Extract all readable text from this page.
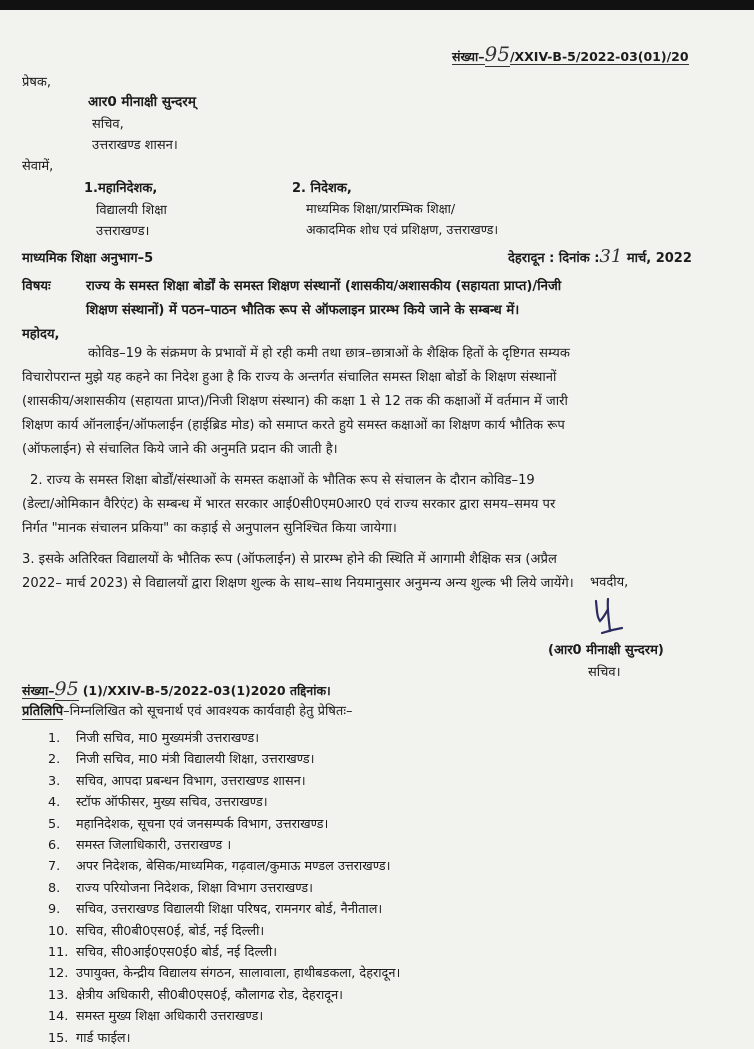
संख्या–95/XXIV-B-5/2022-03(01)/20
प्रेषक,
आर0 मीनाक्षी सुन्दरम्
सचिव,
उत्तराखण्ड शासन।
सेवामें,
1.महानिदेशक,
विद्यालयी शिक्षा
उत्तराखण्ड।
2. निदेशक,
माध्यमिक शिक्षा/प्रारम्भिक शिक्षा/
अकादमिक शोध एवं प्रशिक्षण, उत्तराखण्ड।
माध्यमिक शिक्षा अनुभाग–5	देहरादून : दिनांक :31 मार्च, 2022
विषयः	राज्य के समस्त शिक्षा बोर्डों के समस्त शिक्षण संस्थानों (शासकीय/अशासकीय (सहायता प्राप्त)/निजी
शिक्षण संस्थानों) में पठन–पाठन भौतिक रूप से ऑफलाइन प्रारम्भ किये जाने के सम्बन्ध में।
महोदय,
कोविड–19 के संक्रमण के प्रभावों में हो रही कमी तथा छात्र–छात्राओं के शैक्षिक हितों के दृष्टिगत सम्यक
विचारोपरान्त मुझे यह कहने का निदेश हुआ है कि राज्य के अन्तर्गत संचालित समस्त शिक्षा बोर्डो के शिक्षण संस्थानों
(शासकीय/अशासकीय (सहायता प्राप्त)/निजी शिक्षण संस्थान) की कक्षा 1 से 12 तक की कक्षाओं में वर्तमान में जारी
शिक्षण कार्य ऑनलाईन/ऑफलाईन (हाईब्रिड मोड) को समाप्त करते हुये समस्त कक्षाओं का शिक्षण कार्य भौतिक रूप
(ऑफलाईन) से संचालित किये जाने की अनुमति प्रदान की जाती है।
2. राज्य के समस्त शिक्षा बोर्डों/संस्थाओं के समस्त कक्षाओं के भौतिक रूप से संचालन के दौरान कोविड–19
(डेल्टा/ओमिकान वैरिएंट) के सम्बन्ध में भारत सरकार आई0सी0एम0आर0 एवं राज्य सरकार द्वारा समय–समय पर
निर्गत "मानक संचालन प्रकिया" का कड़ाई से अनुपालन सुनिश्चित किया जायेगा।
3. इसके अतिरिक्त विद्यालयों के भौतिक रूप (ऑफलाईन) से प्रारम्भ होने की स्थिति में आगामी शैक्षिक सत्र (अप्रैल
2022– मार्च 2023) से विद्यालयों द्वारा शिक्षण शुल्क के साथ–साथ नियमानुसार अनुमन्य अन्य शुल्क भी लिये जायेंगे। भवदीय,
(आर0 मीनाक्षी सुन्दरम)
सचिव।
संख्या–95 (1)/XXIV-B-5/2022-03(1)2020 तद्दिनांक।
प्रतिलिपि–निम्नलिखित को सूचनार्थ एवं आवश्यक कार्यवाही हेतु प्रेषितः–
1. निजी सचिव, मा0 मुख्यमंत्री उत्तराखण्ड।
2. निजी सचिव, मा0 मंत्री विद्यालयी शिक्षा, उत्तराखण्ड।
3. सचिव, आपदा प्रबन्धन विभाग, उत्तराखण्ड शासन।
4. स्टॉफ ऑफीसर, मुख्य सचिव, उत्तराखण्ड।
5. महानिदेशक, सूचना एवं जनसम्पर्क विभाग, उत्तराखण्ड।
6. समस्त जिलाधिकारी, उत्तराखण्ड ।
7. अपर निदेशक, बेसिक/माध्यमिक, गढ़वाल/कुमाऊ मण्डल उत्तराखण्ड।
8. राज्य परियोजना निदेशक, शिक्षा विभाग उत्तराखण्ड।
9. सचिव, उत्तराखण्ड विद्यालयी शिक्षा परिषद, रामनगर बोर्ड, नैनीताल।
10. सचिव, सी0बी0एस0ई, बोर्ड, नई दिल्ली।
11. सचिव, सी0आई0एस0ई0 बोर्ड, नई दिल्ली।
12. उपायुक्त, केन्द्रीय विद्यालय संगठन, सालावाला, हाथीबडकला, देहरादून।
13. क्षेत्रीय अधिकारी, सी0बी0एस0ई, कौलागढ रोड, देहरादून।
14. समस्त मुख्य शिक्षा अधिकारी उत्तराखण्ड।
15. गार्ड फाईल।
